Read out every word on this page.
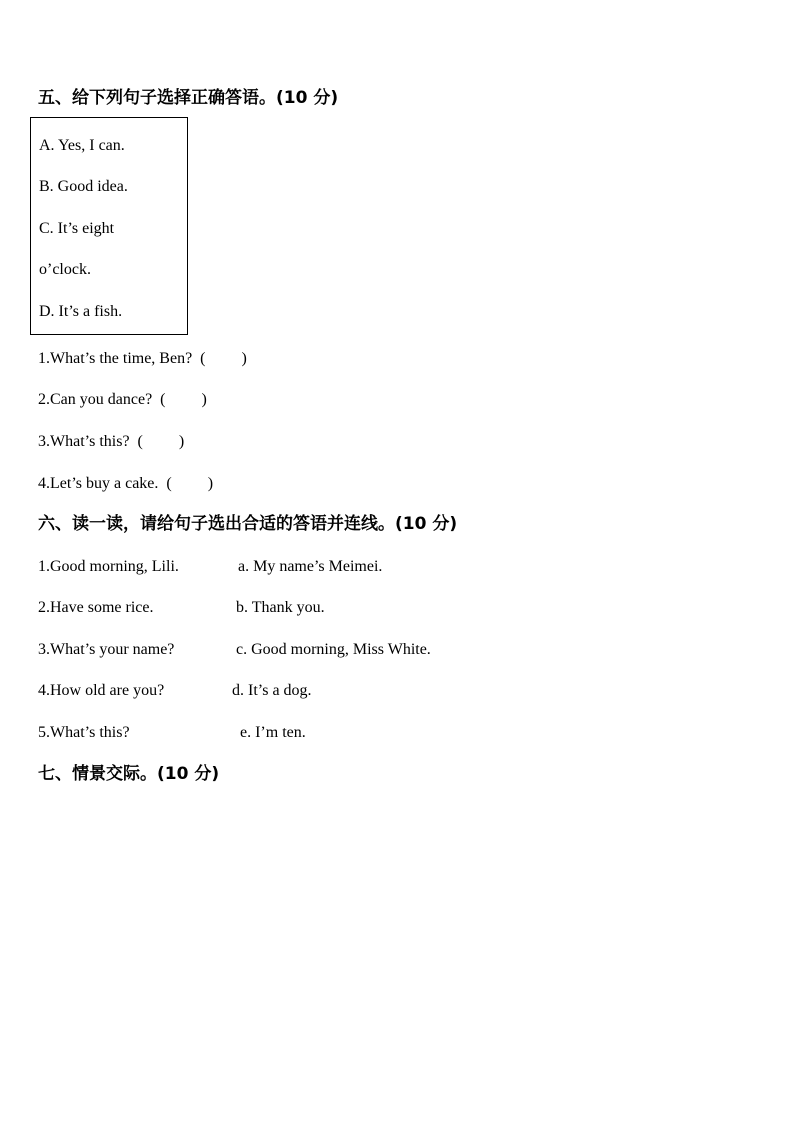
五、给下列句子选择正确答语。(10 分)
A. Yes, I can.
B. Good idea.
C. It’s eight
o’clock.
D. It’s a fish.
1.What’s the time, Ben?  (         )
2.Can you dance?  (         )
3.What’s this?  (         )
4.Let’s buy a cake.  (         )
六、读一读，请给句子选出合适的答语并连线。(10 分)
1.Good morning, Lili.	a. My name’s Meimei.
2.Have some rice.	b. Thank you.
3.What’s your name?	c. Good morning, Miss White.
4.How old are you?	d. It’s a dog.
5.What’s this?	e. I’m ten.
七、情景交际。(10 分)
